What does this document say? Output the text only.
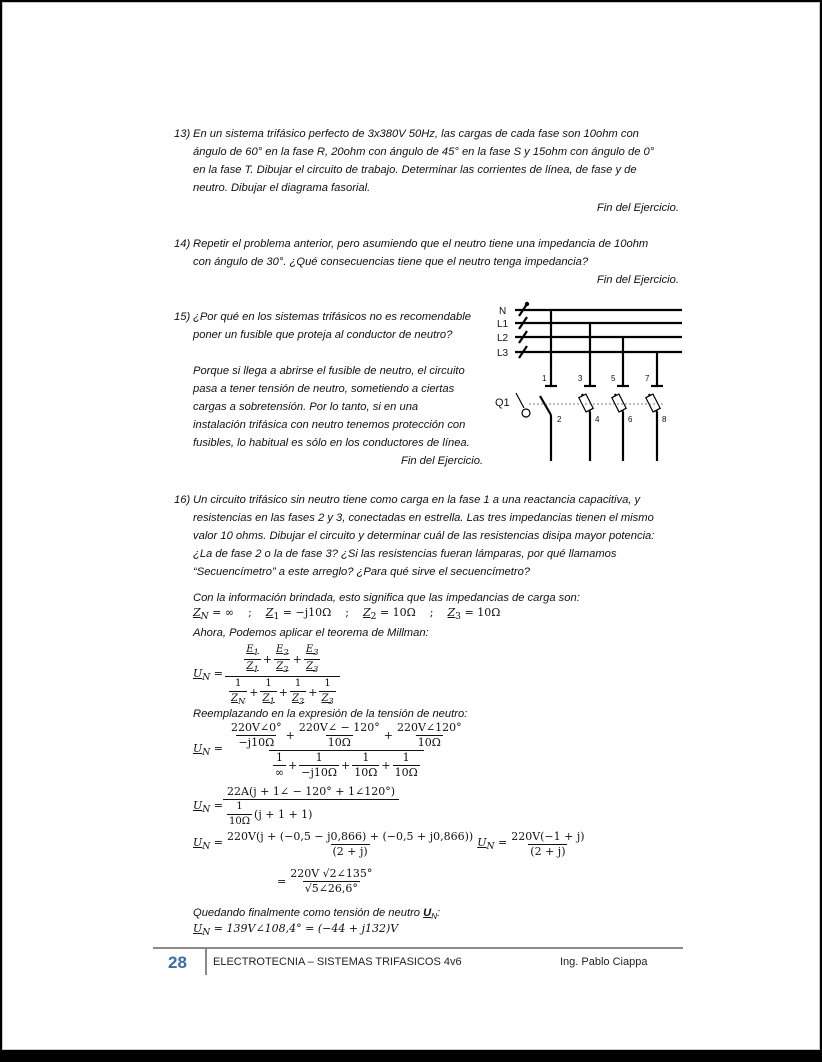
13) En un sistema trifásico perfecto de 3x380V 50Hz, las cargas de cada fase son 10ohm con
ángulo de 60° en la fase R, 20ohm con ángulo de 45° en la fase S y 15ohm con ángulo de 0°
en la fase T. Dibujar el circuito de trabajo. Determinar las corrientes de línea, de fase y de
neutro. Dibujar el diagrama fasorial.
Fin del Ejercicio.
14) Repetir el problema anterior, pero asumiendo que el neutro tiene una impedancia de 10ohm
con ángulo de 30°. ¿Qué consecuencias tiene que el neutro tenga impedancia?
Fin del Ejercicio.
15) ¿Por qué en los sistemas trifásicos no es recomendable
poner un fusible que proteja al conductor de neutro?
Porque si llega a abrirse el fusible de neutro, el circuito
pasa a tener tensión de neutro, sometiendo a ciertas
cargas a sobretensión. Por lo tanto, si en una
instalación trifásica con neutro tenemos protección con
fusibles, lo habitual es sólo en los conductores de línea.
Fin del Ejercicio.
N
L1
L2
L3
Q1
1	3	5	7
2	4	6	8
16) Un circuito trifásico sin neutro tiene como carga en la fase 1 a una reactancia capacitiva, y
resistencias en las fases 2 y 3, conectadas en estrella. Las tres impedancias tienen el mismo
valor 10 ohms. Dibujar el circuito y determinar cuál de las resistencias disipa mayor potencia:
¿La de fase 2 o la de fase 3? ¿Si las resistencias fueran lámparas, por qué llamamos
“Secuencímetro” a este arreglo? ¿Para qué sirve el secuencímetro?
Con la información brindada, esto significa que las impedancias de carga son:
$Z_N$ = ∞ ; $Z_1 = -j10\Omega$ ; $Z_2 = 10\Omega$ ; $Z_3 = 10\Omega$
Ahora, Podemos aplicar el teorema de Millman:
$U_N = \frac{\frac{E_1}{Z_1} + \frac{E_2}{Z_2} + \frac{E_3}{Z_3}}{\frac{1}{Z_N} + \frac{1}{Z_1} + \frac{1}{Z_2} + \frac{1}{Z_3}}$
Reemplazando en la expresión de la tensión de neutro:
$U_N = \frac{220V\angle 0^\circ}{-j10\Omega} + \frac{220V\angle - 120^\circ}{10\Omega} + \frac{220V\angle 120^\circ}{10\Omega}$
$\frac{1}{\infty} + \frac{1}{-j10\Omega} + \frac{1}{10\Omega} + \frac{1}{10\Omega}$
$U_N = \frac{22A(j + 1\angle - 120^\circ + 1\angle 120^\circ)}{\frac{1}{10\Omega} (j + 1 + 1)}$
$U_N = \frac{220V(j + (-0,5 - j0,866) + (-0,5 + j0,866))}{(2 + j)} U_N = \frac{220V(-1 + j)}{(2 + j)}$
= $\frac{220V √2\angle 135^\circ}{√5\angle 26,6^\circ}$
Quedando finalmente como tensión de neutro $U_N$:
$U_N$ = 139V∠108,4° = (−44 + j132)V
28 ELECTROTECNIA – SISTEMAS TRIFASICOS 4v6	Ing. Pablo Ciappa
